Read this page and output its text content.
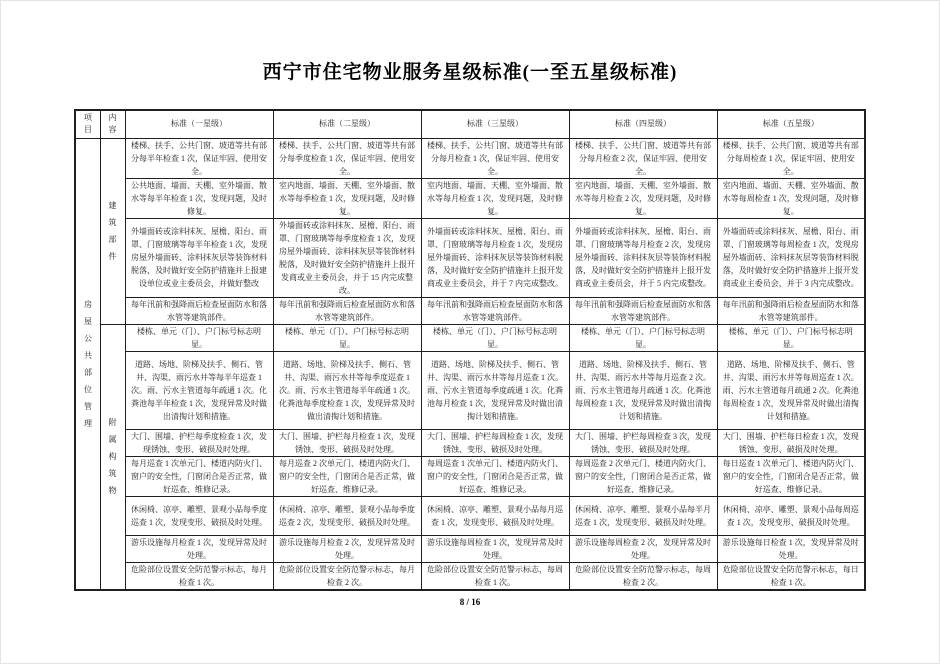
西宁市住宅物业服务星级标准(一至五星级标准)
项目	内容	标准（一星级）	标准（二星级）	标准（三星级）	标准（四星级）	标准（五星级）
房屋公共部位管理	建筑部件	楼梯、扶手、公共门窗、坡道等共有部分每半年检查 1 次，保证牢固、使用安全。	楼梯、扶手、公共门窗、坡道等共有部分每季度检查 1 次，保证牢固、使用安全。	楼梯、扶手、公共门窗、坡道等共有部分每月检查 1 次，保证牢固、使用安全。	楼梯、扶手、公共门窗、坡道等共有部分每月检查 2 次，保证牢固、使用安全。	楼梯、扶手、公共门窗、坡道等共有部分每周检查 1 次，保证牢固、使用安全。
		公共地面、墙面、天棚、室外墙面、散水等每半年检查 1 次，发现问题，及时修复。	室内地面、墙面、天棚、室外墙面、散水等每季检查 1 次，发现问题，及时修复。	室内地面、墙面、天棚、室外墙面、散水等每月检查 1 次，发现问题，及时修复。	室内地面、墙面、天棚、室外墙面、散水等每月检查 2 次，发现问题，及时修复。	室内地面、墙面、天棚、室外墙面、散水等每周检查 1 次，发现问题，及时修复。
		外墙面砖或涂料抹灰、屋檐、阳台、雨罩、门窗玻璃等每半年检查 1 次，发现房屋外墙面砖、涂料抹灰层等装饰材料脱落，及时做好安全防护措施并上报建设单位或业主委员会，并做好整改	外墙面砖或涂料抹灰、屋檐、阳台、雨罩、门窗玻璃等每季度检查 1 次，发现房屋外墙面砖、涂料抹灰层等装饰材料脱落，及时做好安全防护措施并上报开发商或业主委员会，并于 15 内完成整改。	外墙面砖或涂料抹灰、屋檐、阳台、雨罩、门窗玻璃等每月检查 1 次，发现房屋外墙面砖、涂料抹灰层等装饰材料脱落，及时做好安全防护措施并上报开发商或业主委员会，并于 7 内完成整改。	外墙面砖或涂料抹灰、屋檐、阳台、雨罩、门窗玻璃等每月检查 2 次，发现房屋外墙面砖、涂料抹灰层等装饰材料脱落，及时做好安全防护措施并上报开发商或业主委员会，并于 5 内完成整改。	外墙面砖或涂料抹灰、屋檐、阳台、雨罩、门窗玻璃等每周检查 1 次，发现房屋外墙面砖、涂料抹灰层等装饰材料脱落，及时做好安全防护措施并上报开发商或业主委员会，并于 3 内完成整改。
		每年汛前和强降雨后检查屋面防水和落水管等建筑部件。	每年汛前和强降雨后检查屋面防水和落水管等建筑部件。	每年汛前和强降雨后检查屋面防水和落水管等建筑部件。	每年汛前和强降雨后检查屋面防水和落水管等建筑部件。	每年汛前和强降雨后检查屋面防水和落水管等建筑部件。
	附属构筑物	楼栋、单元（门）、户门标号标志明显。	楼栋、单元（门）、户门标号标志明显。	楼栋、单元（门）、户门标号标志明显。	楼栋、单元（门）、户门标号标志明显。	楼栋、单元（门）、户门标号标志明显。
		道路、场地、阶梯及扶手、侧石、管井、沟渠、雨污水井等每半年巡查 1 次。雨、污水主管道每年疏通 1 次。化粪池每半年检查 1 次，发现异常及时做出清掏计划和措施。	道路、场地、阶梯及扶手、侧石、管井、沟渠、雨污水井等每季度巡查 1 次。雨、污水主管道每半年疏通 1 次。化粪池每季度检查 1 次，发现异常及时做出清掏计划和措施。	道路、场地、阶梯及扶手、侧石、管井、沟渠、雨污水井等每月巡查 1 次。雨、污水主管道每季度疏通 1 次。化粪池每月检查 1 次，发现异常及时做出清掏计划和措施。	道路、场地、阶梯及扶手、侧石、管井、沟渠、雨污水井等每月巡查 2 次。雨、污水主管道每月疏通 1 次。化粪池每周检查 1 次，发现异常及时做出清掏计划和措施。	道路、场地、阶梯及扶手、侧石、管井、沟渠、雨污水井等每周巡查 1 次。雨、污水主管道每月疏通 2 次。化粪池每周检查 1 次，发现异常及时做出清掏计划和措施。
		大门、围墙、护栏每季度检查 1 次，发现锈蚀、变形、破损及时处理。	大门、围墙、护栏每月检查 1 次，发现锈蚀、变形、破损及时处理。	大门、围墙、护栏每周检查 1 次，发现锈蚀、变形、破损及时处理。	大门、围墙、护栏每周检查 3 次，发现锈蚀、变形、破损及时处理。	大门、围墙、护栏每日检查 1 次，发现锈蚀、变形、破损及时处理。
		每月巡查 1 次单元门、楼道内防火门、窗户的安全性，门窗闭合是否正常，做好巡查、维修记录。	每月巡查 2 次单元门、楼道内防火门、窗户的安全性，门窗闭合是否正常，做好巡查、维修记录。	每周巡查 1 次单元门、楼道内防火门、窗户的安全性，门窗闭合是否正常，做好巡查、维修记录。	每周巡查 2 次单元门、楼道内防火门、窗户的安全性，门窗闭合是否正常，做好巡查、维修记录。	每日巡查 1 次单元门、楼道内防火门、窗户的安全性，门窗闭合是否正常，做好巡查、维修记录。
		休闲椅、凉亭、雕塑、景观小品每季度巡查 1 次，发现变形、破损及时处理。	休闲椅、凉亭、雕塑、景观小品每季度巡查 2 次，发现变形、破损及时处理。	休闲椅、凉亭、雕塑、景观小品每月巡查 1 次，发现变形、破损及时处理。	休闲椅、凉亭、雕塑、景观小品每半月巡查 1 次，发现变形、破损及时处理。	休闲椅、凉亭、雕塑、景观小品每周巡查 1 次，发现变形、破损及时处理。
		游乐设施每月检查 1 次，发现异常及时处理。	游乐设施每月检查 2 次，发现异常及时处理。	游乐设施每周检查 1 次，发现异常及时处理。	游乐设施每周检查 2 次，发现异常及时处理。	游乐设施每日检查 1 次，发现异常及时处理。
		危险部位设置安全防范警示标志，每月检查 1 次。	危险部位设置安全防范警示标志，每月检查 2 次。	危险部位设置安全防范警示标志，每周检查 1 次。	危险部位设置安全防范警示标志，每周检查 2 次。	危险部位设置安全防范警示标志，每日检查 1 次。
8 / 16
